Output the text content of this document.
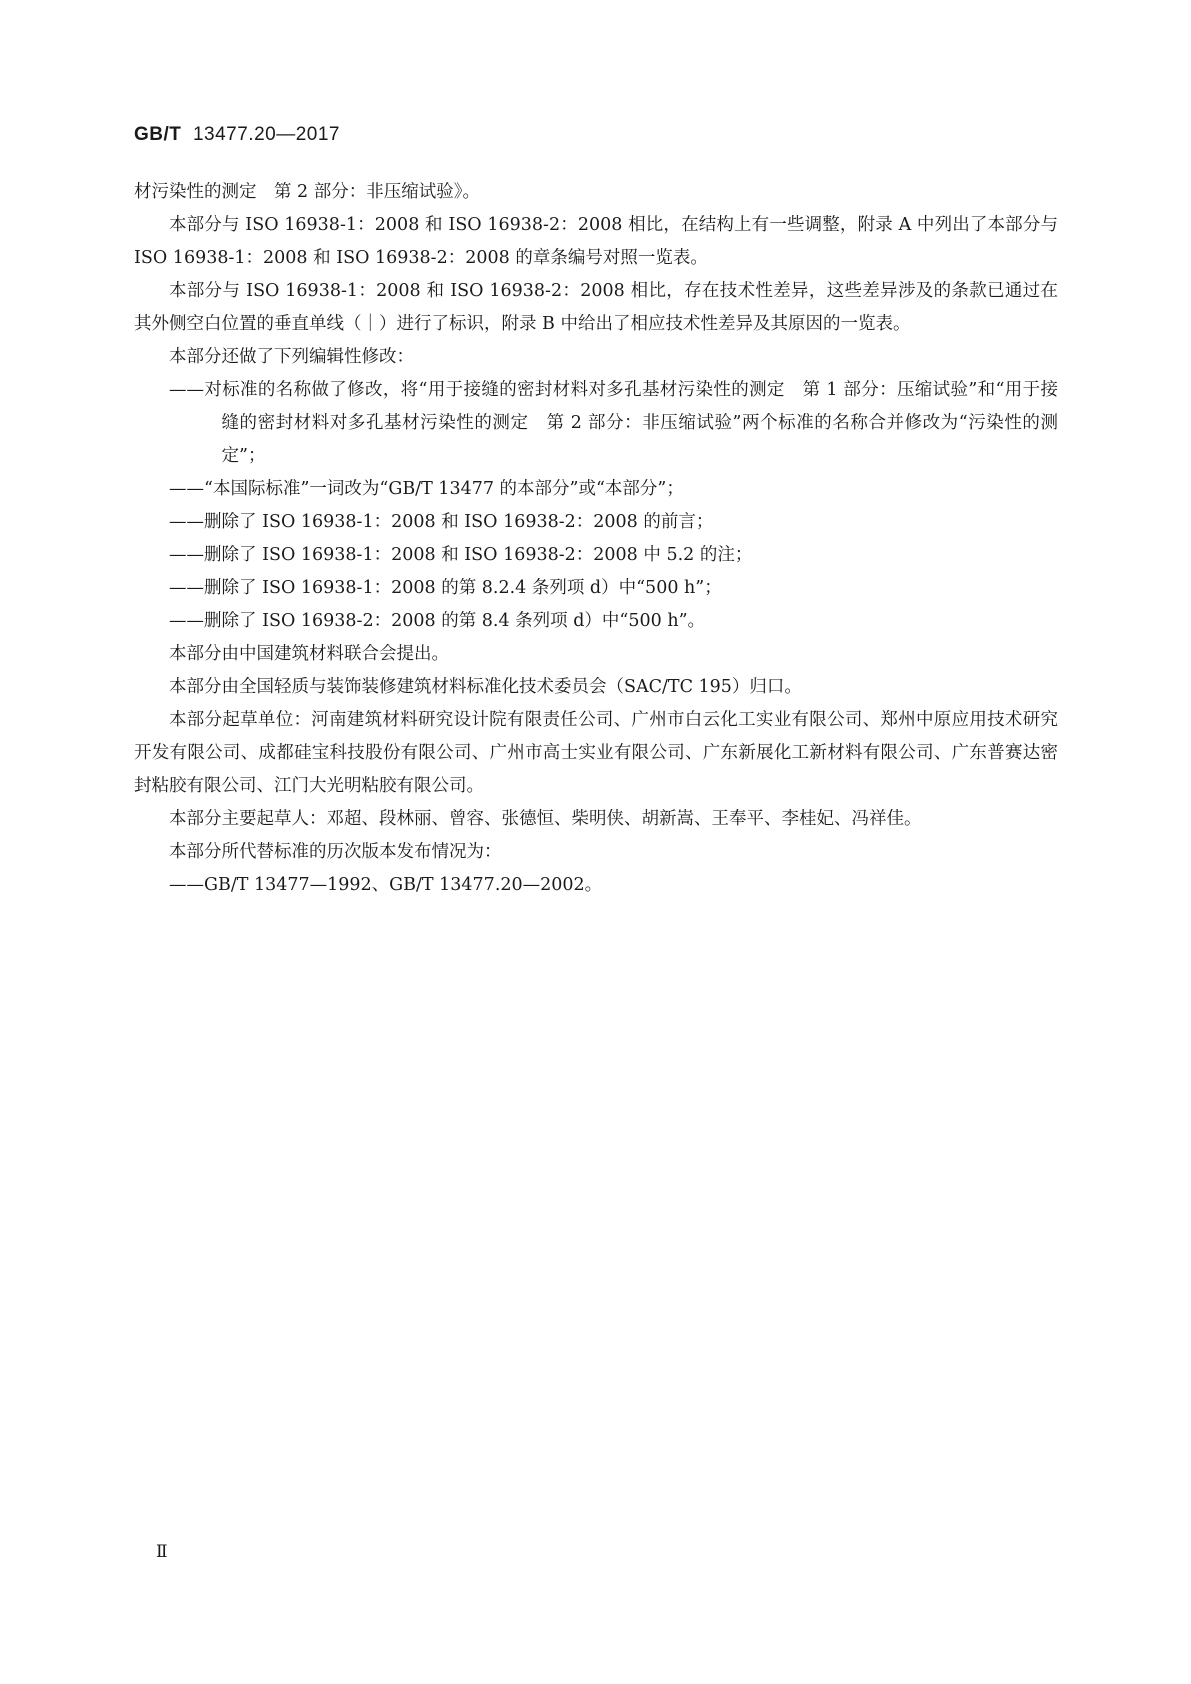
GB/T 13477.20—2017

材污染性的测定　第 2 部分：非压缩试验》。

本部分与 ISO 16938-1：2008 和 ISO 16938-2：2008 相比，在结构上有一些调整，附录 A 中列出了本部分与 ISO 16938-1：2008 和 ISO 16938-2：2008 的章条编号对照一览表。

本部分与 ISO 16938-1：2008 和 ISO 16938-2：2008 相比，存在技术性差异，这些差异涉及的条款已通过在其外侧空白位置的垂直单线（｜）进行了标识，附录 B 中给出了相应技术性差异及其原因的一览表。

本部分还做了下列编辑性修改：

——对标准的名称做了修改，将“用于接缝的密封材料对多孔基材污染性的测定　第 1 部分：压缩试验”和“用于接缝的密封材料对多孔基材污染性的测定　第 2 部分：非压缩试验”两个标准的名称合并修改为“污染性的测定”；

——“本国际标准”一词改为“GB/T 13477 的本部分”或“本部分”；

——删除了 ISO 16938-1：2008 和 ISO 16938-2：2008 的前言；

——删除了 ISO 16938-1：2008 和 ISO 16938-2：2008 中 5.2 的注；

——删除了 ISO 16938-1：2008 的第 8.2.4 条列项 d）中“500 h”；

——删除了 ISO 16938-2：2008 的第 8.4 条列项 d）中“500 h”。

本部分由中国建筑材料联合会提出。

本部分由全国轻质与装饰装修建筑材料标准化技术委员会（SAC/TC 195）归口。

本部分起草单位：河南建筑材料研究设计院有限责任公司、广州市白云化工实业有限公司、郑州中原应用技术研究开发有限公司、成都硅宝科技股份有限公司、广州市高士实业有限公司、广东新展化工新材料有限公司、广东普赛达密封粘胶有限公司、江门大光明粘胶有限公司。

本部分主要起草人：邓超、段林丽、曾容、张德恒、柴明侠、胡新嵩、王奉平、李桂妃、冯祥佳。

本部分所代替标准的历次版本发布情况为：

——GB/T 13477—1992、GB/T 13477.20—2002。

Ⅱ
